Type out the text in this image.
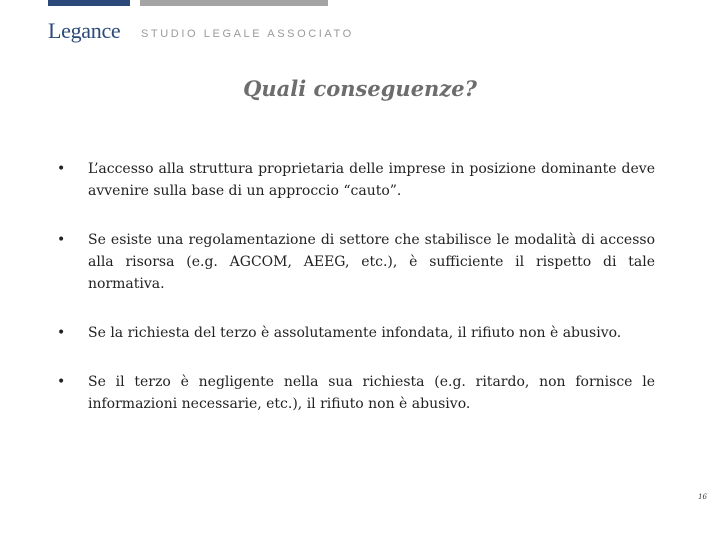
Legance STUDIO LEGALE ASSOCIATO
Quali conseguenze?
• L’accesso alla struttura proprietaria delle imprese in posizione dominante deve avvenire sulla base di un approccio “cauto”.
• Se esiste una regolamentazione di settore che stabilisce le modalità di accesso alla risorsa (e.g. AGCOM, AEEG, etc.), è sufficiente il rispetto di tale normativa.
• Se la richiesta del terzo è assolutamente infondata, il rifiuto non è abusivo.
• Se il terzo è negligente nella sua richiesta (e.g. ritardo, non fornisce le informazioni necessarie, etc.), il rifiuto non è abusivo.
16
